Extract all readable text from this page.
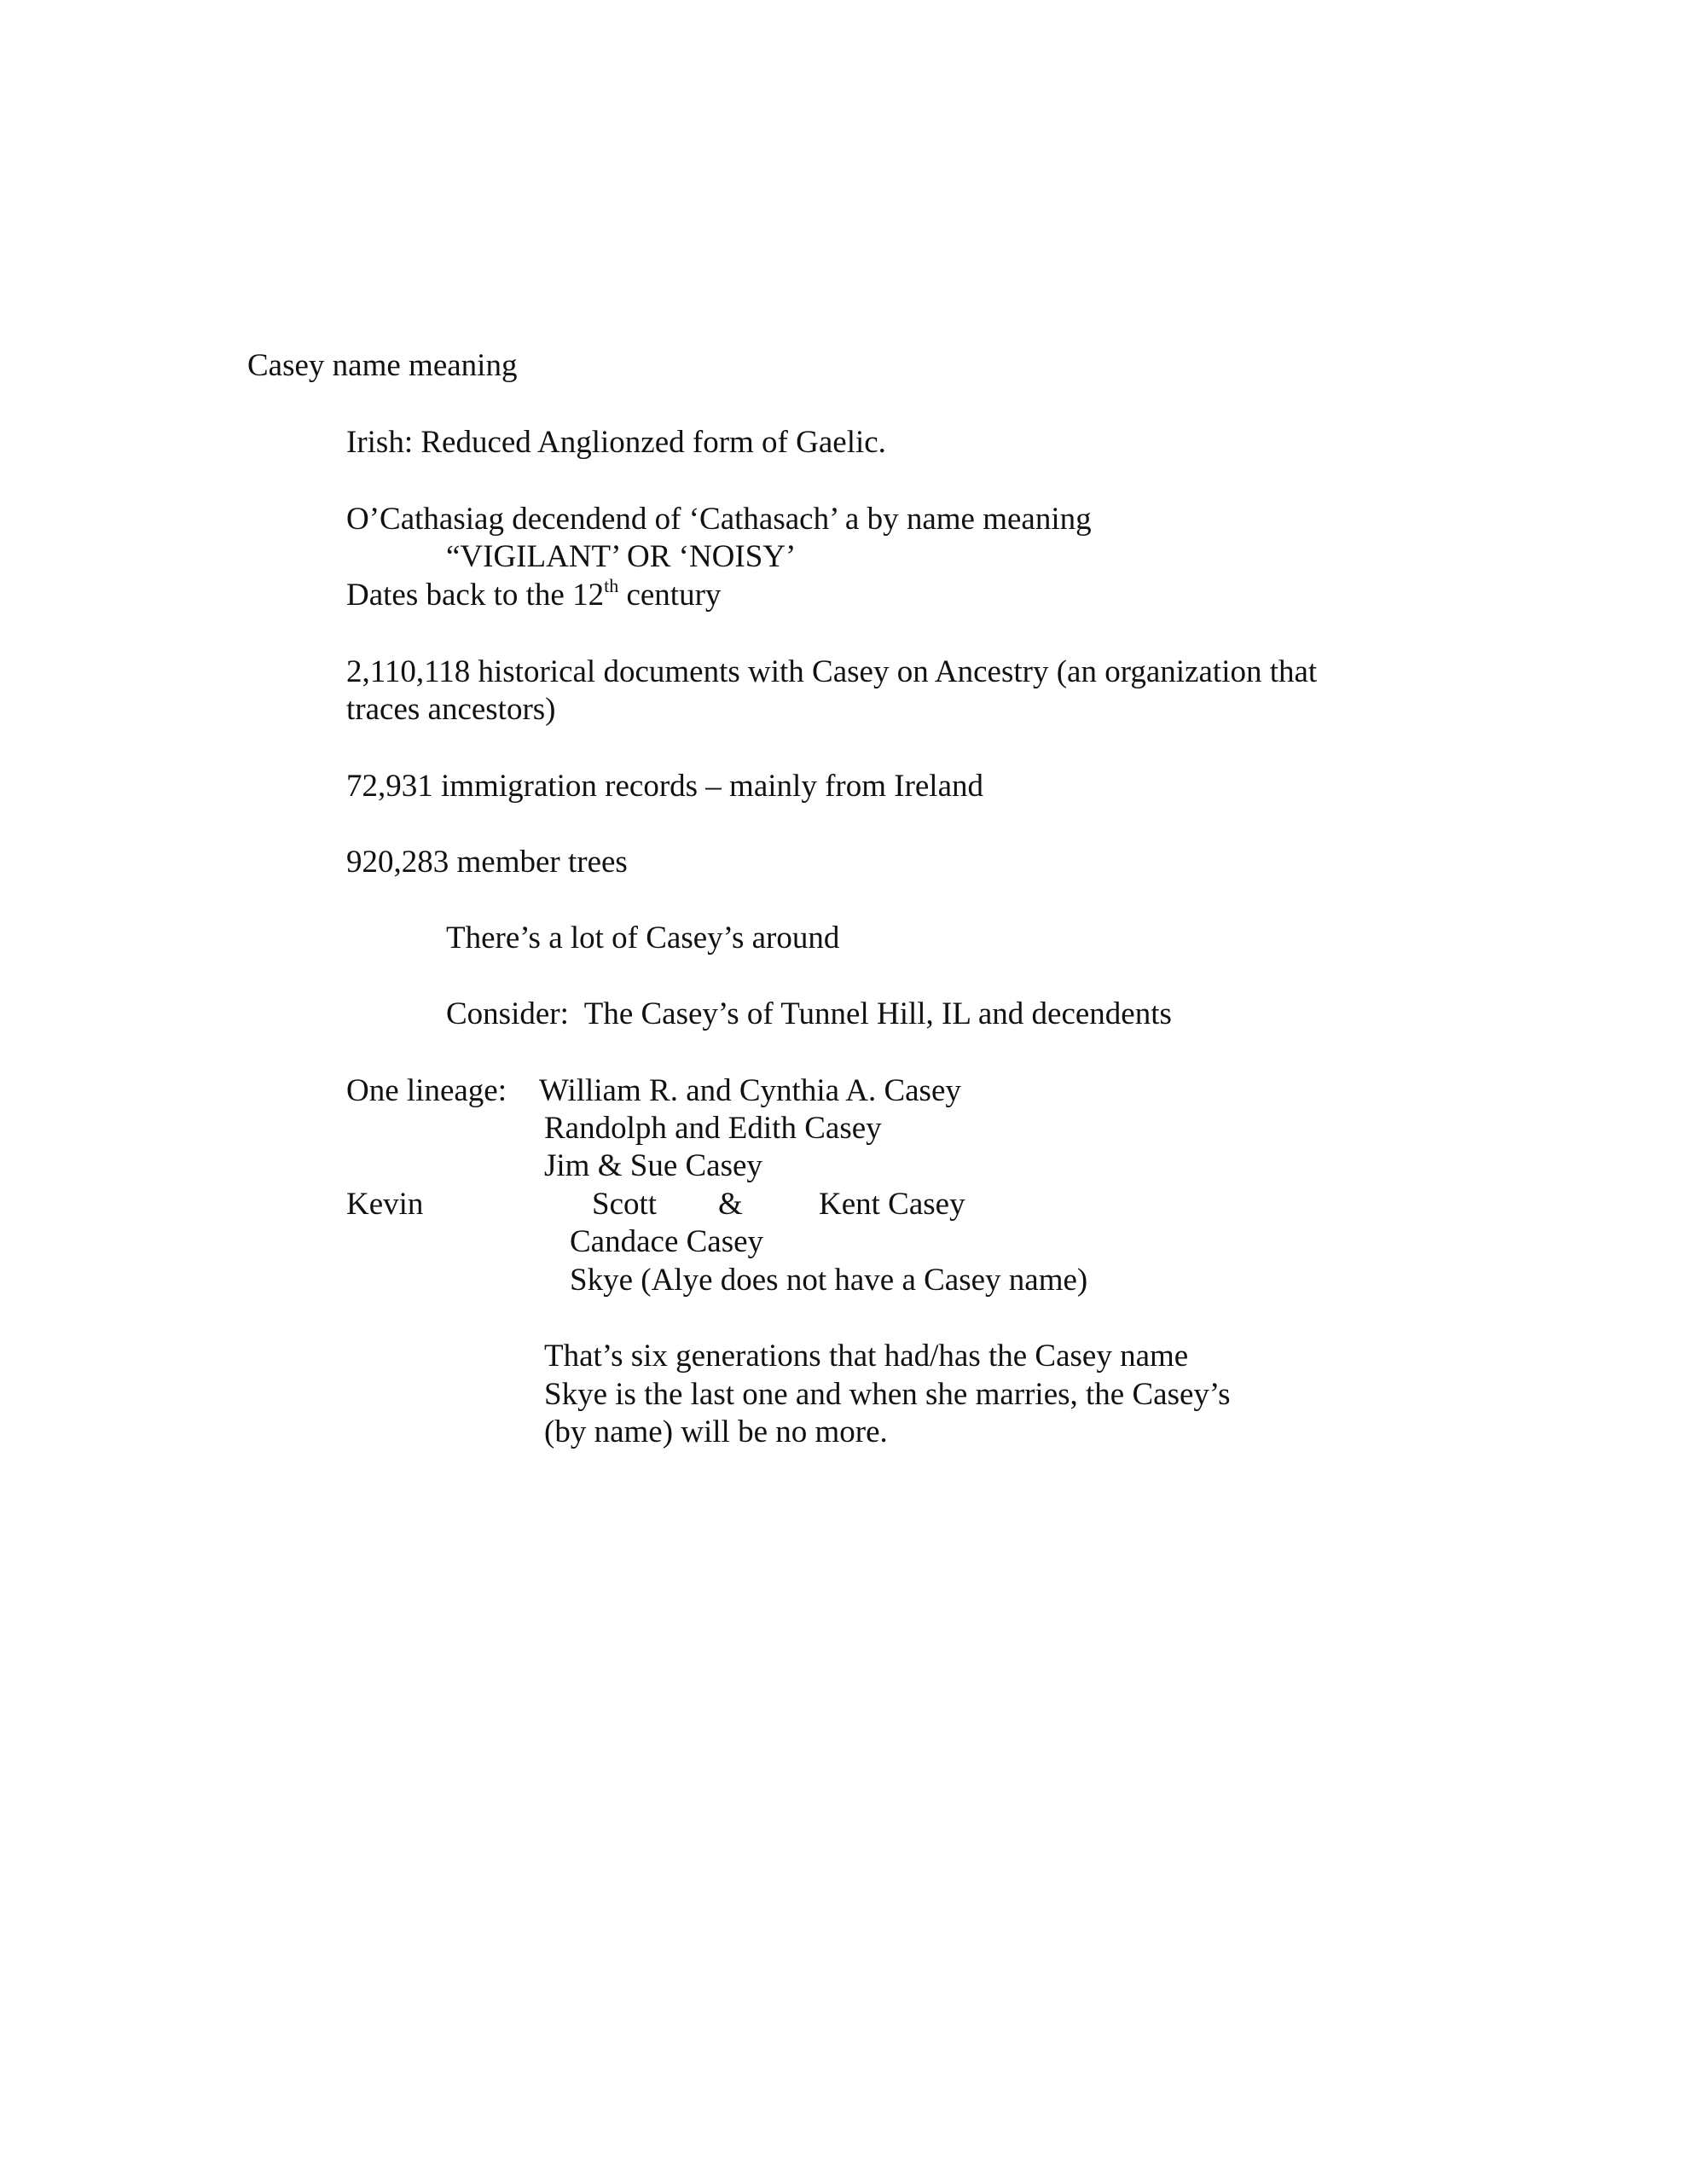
Casey name meaning
Irish: Reduced Anglionzed form of Gaelic.
O’Cathasiag decendend of ‘Cathasach’ a by name meaning
“VIGILANT’ OR ‘NOISY’
Dates back to the 12th century
2,110,118 historical documents with Casey on Ancestry (an organization that
traces ancestors)
72,931 immigration records – mainly from Ireland
920,283 member trees
There’s a lot of Casey’s around
Consider:  The Casey’s of Tunnel Hill, IL and decendents
One lineage: William R. and Cynthia A. Casey
Randolph and Edith Casey
Jim & Sue Casey
Kevin	Scott & Kent Casey
Candace Casey
Skye (Alye does not have a Casey name)
That’s six generations that had/has the Casey name
Skye is the last one and when she marries, the Casey’s
(by name) will be no more.
